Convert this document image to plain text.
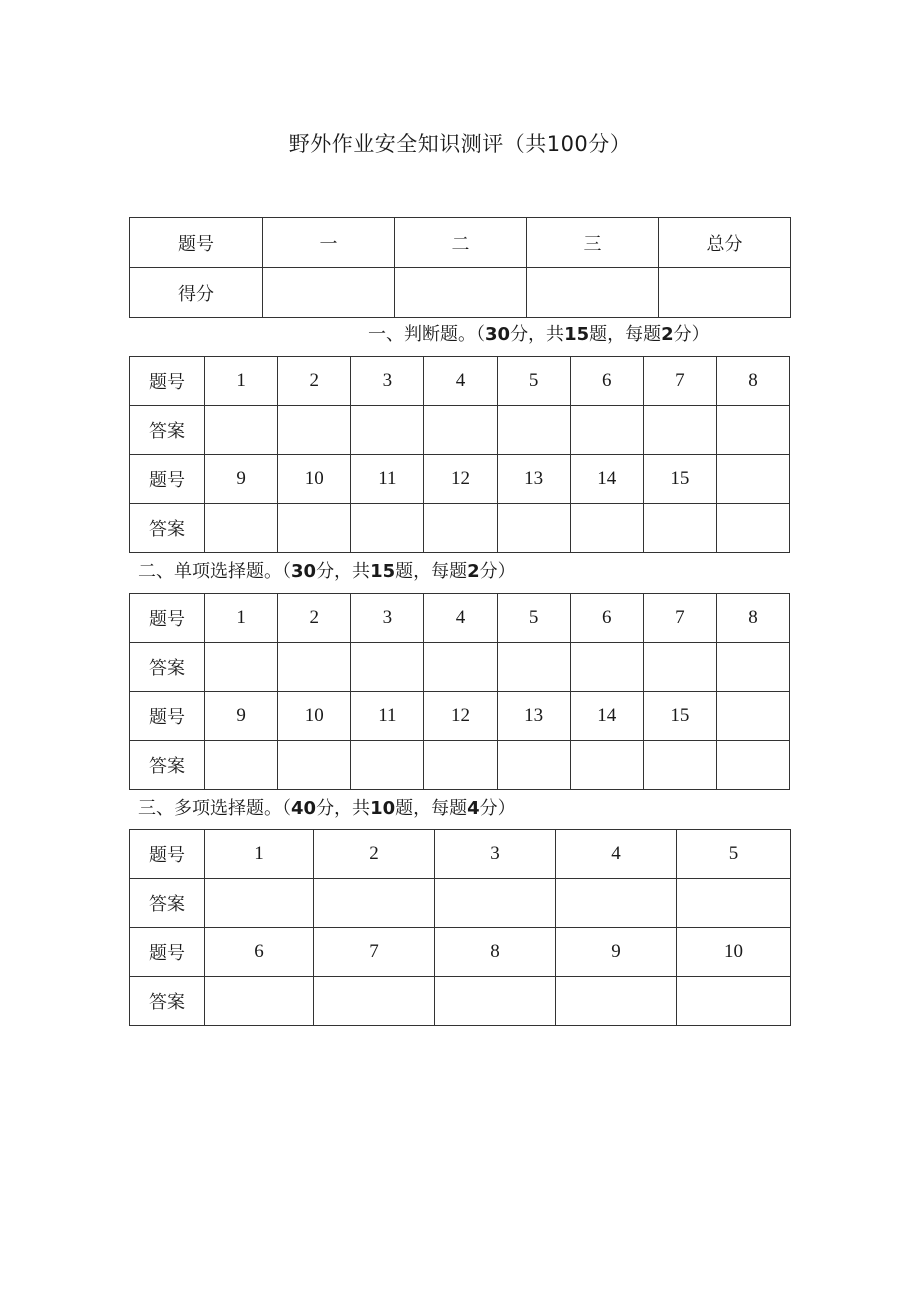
野外作业安全知识测评（共100分）
题号	一	二	三	总分
得分				
一、判断题。（30分，共15题，每题2分）
题号	1	2	3	4	5	6	7	8
答案								
题号	9	10	11	12	13	14	15	
答案								
二、单项选择题。（30分，共15题，每题2分）
题号	1	2	3	4	5	6	7	8
答案								
题号	9	10	11	12	13	14	15	
答案								
三、多项选择题。（40分，共10题，每题4分）
题号	1	2	3	4	5
答案					
题号	6	7	8	9	10
答案					
